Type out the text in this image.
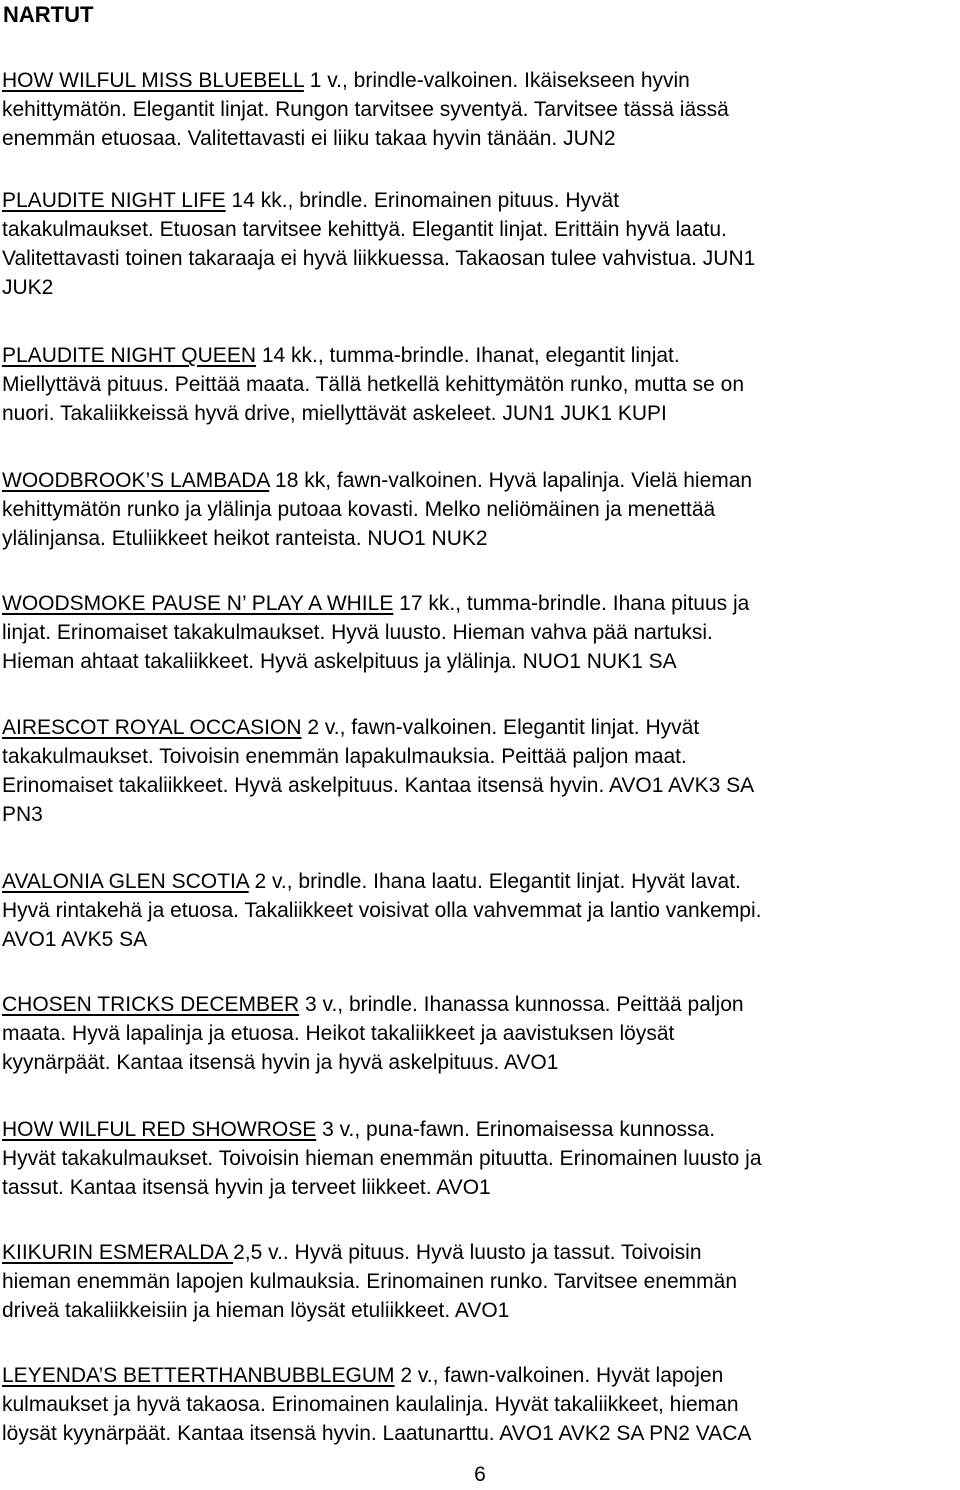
NARTUT
HOW WILFUL MISS BLUEBELL 1 v., brindle-valkoinen. Ikäisekseen hyvin
kehittymätön. Elegantit linjat. Rungon tarvitsee syventyä. Tarvitsee tässä iässä
enemmän etuosaa. Valitettavasti ei liiku takaa hyvin tänään. JUN2
PLAUDITE NIGHT LIFE 14 kk., brindle. Erinomainen pituus. Hyvät
takakulmaukset. Etuosan tarvitsee kehittyä. Elegantit linjat. Erittäin hyvä laatu.
Valitettavasti toinen takaraaja ei hyvä liikkuessa. Takaosan tulee vahvistua. JUN1
JUK2
PLAUDITE NIGHT QUEEN 14 kk., tumma-brindle. Ihanat, elegantit linjat.
Miellyttävä pituus. Peittää maata. Tällä hetkellä kehittymätön runko, mutta se on
nuori. Takaliikkeissä hyvä drive, miellyttävät askeleet. JUN1 JUK1 KUPI
WOODBROOK’S LAMBADA 18 kk, fawn-valkoinen. Hyvä lapalinja. Vielä hieman
kehittymätön runko ja ylälinja putoaa kovasti. Melko neliömäinen ja menettää
ylälinjansa. Etuliikkeet heikot ranteista. NUO1 NUK2
WOODSMOKE PAUSE N’ PLAY A WHILE 17 kk., tumma-brindle. Ihana pituus ja
linjat. Erinomaiset takakulmaukset. Hyvä luusto. Hieman vahva pää nartuksi.
Hieman ahtaat takaliikkeet. Hyvä askelpituus ja ylälinja. NUO1 NUK1 SA
AIRESCOT ROYAL OCCASION 2 v., fawn-valkoinen. Elegantit linjat. Hyvät
takakulmaukset. Toivoisin enemmän lapakulmauksia. Peittää paljon maat.
Erinomaiset takaliikkeet. Hyvä askelpituus. Kantaa itsensä hyvin. AVO1 AVK3 SA
PN3
AVALONIA GLEN SCOTIA 2 v., brindle. Ihana laatu. Elegantit linjat. Hyvät lavat.
Hyvä rintakehä ja etuosa. Takaliikkeet voisivat olla vahvemmat ja lantio vankempi.
AVO1 AVK5 SA
CHOSEN TRICKS DECEMBER 3 v., brindle. Ihanassa kunnossa. Peittää paljon
maata. Hyvä lapalinja ja etuosa. Heikot takaliikkeet ja aavistuksen löysät
kyynärpäät. Kantaa itsensä hyvin ja hyvä askelpituus. AVO1
HOW WILFUL RED SHOWROSE 3 v., puna-fawn. Erinomaisessa kunnossa.
Hyvät takakulmaukset. Toivoisin hieman enemmän pituutta. Erinomainen luusto ja
tassut. Kantaa itsensä hyvin ja terveet liikkeet. AVO1
KIIKURIN ESMERALDA 2,5 v.. Hyvä pituus. Hyvä luusto ja tassut. Toivoisin
hieman enemmän lapojen kulmauksia. Erinomainen runko. Tarvitsee enemmän
driveä takaliikkeisiin ja hieman löysät etuliikkeet. AVO1
LEYENDA’S BETTERTHANBUBBLEGUM 2 v., fawn-valkoinen. Hyvät lapojen
kulmaukset ja hyvä takaosa. Erinomainen kaulalinja. Hyvät takaliikkeet, hieman
löysät kyynärpäät. Kantaa itsensä hyvin. Laatunarttu. AVO1 AVK2 SA PN2 VACA

6
